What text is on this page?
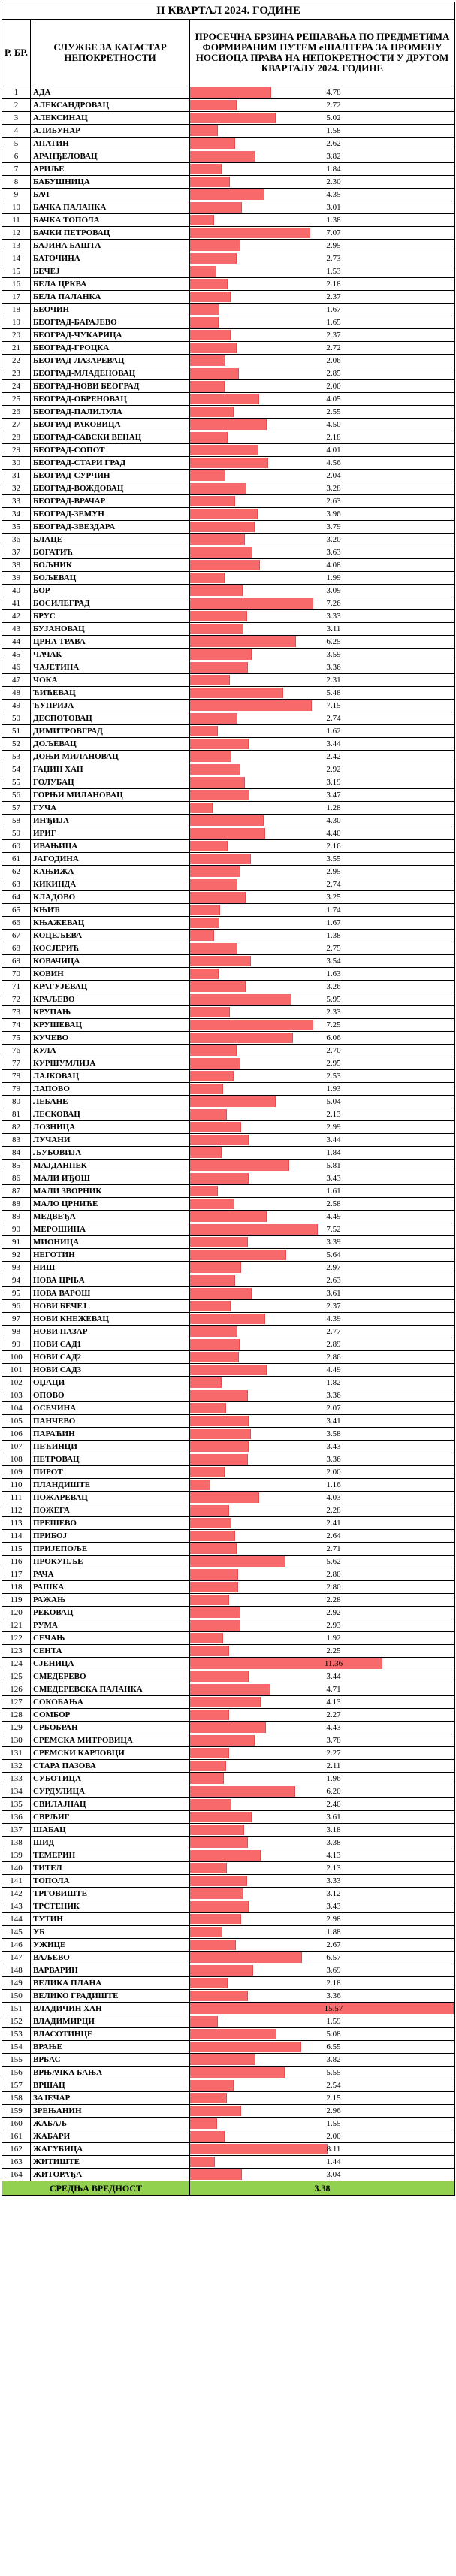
II КВАРТАЛ 2024. ГОДИНЕ		
Р. БР.	СЛУЖБЕ ЗА КАТАСТАР НЕПОКРЕТНОСТИ	ПРОСЕЧНА БРЗИНА РЕШАВАЊА ПО ПРЕДМЕТИМА ФОРМИРАНИМ ПУТЕМ еШАЛТЕРА ЗА ПРОМЕНУ НОСИОЦА ПРАВА НА НЕПОКРЕТНОСТИ У ДРУГОМ КВАРТАЛУ 2024. ГОДИНЕ
1	АДА	4.78

2	АЛЕКСАНДРОВАЦ	2.72

3	АЛЕКСИНАЦ	5.02

4	АЛИБУНАР	1.58

5	АПАТИН	2.62

6	АРАНЂЕЛОВАЦ	3.82

7	АРИЉЕ	1.84

8	БАБУШНИЦА	2.30

9	БАЧ	4.35

10	БАЧКА ПАЛАНКА	3.01

11	БАЧКА ТОПОЛА	1.38

12	БАЧКИ ПЕТРОВАЦ	7.07

13	БАЈИНА БАШТА	2.95

14	БАТОЧИНА	2.73

15	БЕЧЕЈ	1.53

16	БЕЛА ЦРКВА	2.18

17	БЕЛА ПАЛАНКА	2.37

18	БЕОЧИН	1.67

19	БЕОГРАД-БАРАЈЕВО	1.65

20	БЕОГРАД-ЧУКАРИЦА	2.37

21	БЕОГРАД-ГРОЦКА	2.72

22	БЕОГРАД-ЛАЗАРЕВАЦ	2.06

23	БЕОГРАД-МЛАДЕНОВАЦ	2.85

24	БЕОГРАД-НОВИ БЕОГРАД	2.00

25	БЕОГРАД-ОБРЕНОВАЦ	4.05

26	БЕОГРАД-ПАЛИЛУЛА	2.55

27	БЕОГРАД-РАКОВИЦА	4.50

28	БЕОГРАД-САВСКИ ВЕНАЦ	2.18

29	БЕОГРАД-СОПОТ	4.01

30	БЕОГРАД-СТАРИ ГРАД	4.56

31	БЕОГРАД-СУРЧИН	2.04

32	БЕОГРАД-ВОЖДОВАЦ	3.28

33	БЕОГРАД-ВРАЧАР	2.63

34	БЕОГРАД-ЗЕМУН	3.96

35	БЕОГРАД-ЗВЕЗДАРА	3.79

36	БЛАЦЕ	3.20

37	БОГАТИЋ	3.63

38	БОЉНИК	4.08

39	БОЉЕВАЦ	1.99

40	БОР	3.09

41	БОСИЛЕГРАД	7.26

42	БРУС	3.33

43	БУЈАНОВАЦ	3.11

44	ЦРНА ТРАВА	6.25

45	ЧАЧАК	3.59

46	ЧАЈЕТИНА	3.36

47	ЧОКА	2.31

48	ЋИЋЕВАЦ	5.48

49	ЋУПРИЈА	7.15

50	ДЕСПОТОВАЦ	2.74

51	ДИМИТРОВГРАД	1.62

52	ДОЉЕВАЦ	3.44

53	ДОЊИ МИЛАНОВАЦ	2.42

54	ГАЏИН ХАН	2.92

55	ГОЛУБАЦ	3.19

56	ГОРЊИ МИЛАНОВАЦ	3.47

57	ГУЧА	1.28

58	ИНЂИЈА	4.30

59	ИРИГ	4.40

60	ИВАЊИЦА	2.16

61	ЈАГОДИНА	3.55

62	КАЊИЖА	2.95

63	КИКИНДА	2.74

64	КЛАДОВО	3.25

65	КЊИЋ	1.74

66	КЊАЖЕВАЦ	1.67

67	КОЦЕЉЕВА	1.38

68	КОСЈЕРИЋ	2.75

69	КОВАЧИЦА	3.54

70	КОВИН	1.63

71	КРАГУЈЕВАЦ	3.26

72	КРАЉЕВО	5.95

73	КРУПАЊ	2.33

74	КРУШЕВАЦ	7.25

75	КУЧЕВО	6.06

76	КУЛА	2.70

77	КУРШУМЛИЈА	2.95

78	ЛАЈКОВАЦ	2.53

79	ЛАПОВО	1.93

80	ЛЕБАНЕ	5.04

81	ЛЕСКОВАЦ	2.13

82	ЛОЗНИЦА	2.99

83	ЛУЧАНИ	3.44

84	ЉУБОВИЈА	1.84

85	МАЈДАНПЕК	5.81

86	МАЛИ ИЂОШ	3.43

87	МАЛИ ЗВОРНИК	1.61

88	МАЛО ЦРНИЋЕ	2.58

89	МЕДВЕЂА	4.49

90	МЕРОШИНА	7.52

91	МИОНИЦА	3.39

92	НЕГОТИН	5.64

93	НИШ	2.97

94	НОВА ЦРЊА	2.63

95	НОВА ВАРОШ	3.61

96	НОВИ БЕЧЕЈ	2.37

97	НОВИ КНЕЖЕВАЦ	4.39

98	НОВИ ПАЗАР	2.77

99	НОВИ САД1	2.89

100	НОВИ САД2	2.86

101	НОВИ САД3	4.49

102	ОЏАЦИ	1.82

103	ОПОВО	3.36

104	ОСЕЧИНА	2.07

105	ПАНЧЕВО	3.41

106	ПАРАЋИН	3.58

107	ПЕЋИНЦИ	3.43

108	ПЕТРОВАЦ	3.36

109	ПИРОТ	2.00

110	ПЛАНДИШТЕ	1.16

111	ПОЖАРЕВАЦ	4.03

112	ПОЖЕГА	2.28

113	ПРЕШЕВО	2.41

114	ПРИБОЈ	2.64

115	ПРИЈЕПОЉЕ	2.71

116	ПРОКУПЉЕ	5.62

117	РАЧА	2.80

118	РАШКА	2.80

119	РАЖАЊ	2.28

120	РЕКОВАЦ	2.92

121	РУМА	2.93

122	СЕЧАЊ	1.92

123	СЕНТА	2.25

124	СЈЕНИЦА	11.36

125	СМЕДЕРЕВО	3.44

126	СМЕДЕРЕВСКА ПАЛАНКА	4.71

127	СОКОБАЊА	4.13

128	СОМБОР	2.27

129	СРБОБРАН	4.43

130	СРЕМСКА МИТРОВИЦА	3.78

131	СРЕМСКИ КАРЛОВЦИ	2.27

132	СТАРА ПАЗОВА	2.11

133	СУБОТИЦА	1.96

134	СУРДУЛИЦА	6.20

135	СВИЛАЈНАЦ	2.40

136	СВРЉИГ	3.61

137	ШАБАЦ	3.18

138	ШИД	3.38

139	ТЕМЕРИН	4.13

140	ТИТЕЛ	2.13

141	ТОПОЛА	3.33

142	ТРГОВИШТЕ	3.12

143	ТРСТЕНИК	3.43

144	ТУТИН	2.98

145	УБ	1.88

146	УЖИЦЕ	2.67

147	ВАЉЕВО	6.57

148	ВАРВАРИН	3.69

149	ВЕЛИКА ПЛАНА	2.18

150	ВЕЛИКО ГРАДИШТЕ	3.36

151	ВЛАДИЧИН ХАН	15.57

152	ВЛАДИМИРЦИ	1.59

153	ВЛАСОТИНЦЕ	5.08

154	ВРАЊЕ	6.55

155	ВРБАС	3.82

156	ВРЊАЧКА БАЊА	5.55

157	ВРШАЦ	2.54

158	ЗАЈЕЧАР	2.15

159	ЗРЕЊАНИН	2.96

160	ЖАБАЉ	1.55

161	ЖАБАРИ	2.00

162	ЖАГУБИЦА	8.11

163	ЖИТИШТЕ	1.44

164	ЖИТОРАЂА	3.04

СРЕДЊА ВРЕДНОСТ		3.38
